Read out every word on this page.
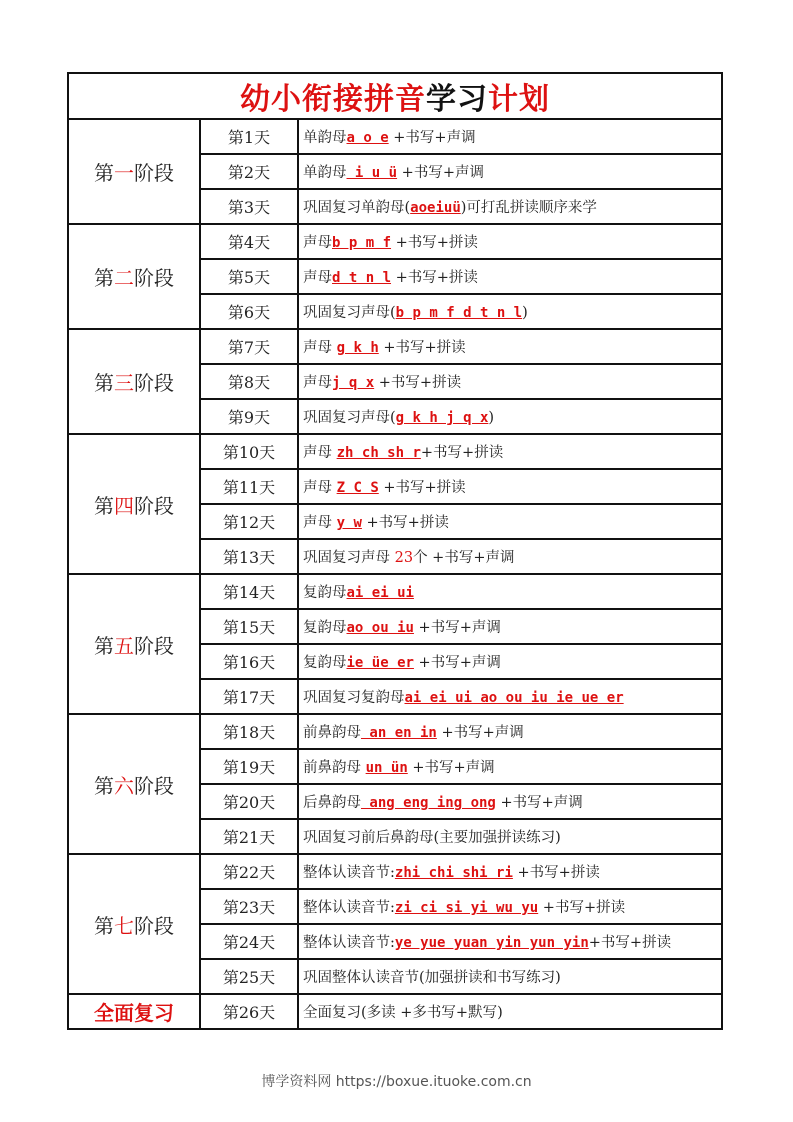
幼小衔接拼音学习计划		
第一阶段	第1天	单韵母a o e +书写+声调
	第2天	单韵母 i u ü +书写+声调
	第3天	巩固复习单韵母(aoeiuü)可打乱拼读顺序来学
第二阶段	第4天	声母b p m f +书写+拼读
	第5天	声母d t n l +书写+拼读
	第6天	巩固复习声母(b p m f d t n l)
第三阶段	第7天	声母 g k h +书写+拼读
	第8天	声母j q x +书写+拼读
	第9天	巩固复习声母(g k h j q x)
第四阶段	第10天	声母 zh ch sh r+书写+拼读
	第11天	声母 Z C S +书写+拼读
	第12天	声母 y w +书写+拼读
	第13天	巩固复习声母 23个 +书写+声调
第五阶段	第14天	复韵母ai ei ui
	第15天	复韵母ao ou iu +书写+声调
	第16天	复韵母ie üe er +书写+声调
	第17天	巩固复习复韵母ai ei ui ao ou iu ie ue er
第六阶段	第18天	前鼻韵母 an en in +书写+声调
	第19天	前鼻韵母 un ün +书写+声调
	第20天	后鼻韵母 ang eng ing ong +书写+声调
	第21天	巩固复习前后鼻韵母(主要加强拼读练习)
第七阶段	第22天	整体认读音节:zhi chi shi ri +书写+拼读
	第23天	整体认读音节:zi ci si yi wu yu +书写+拼读
	第24天	整体认读音节:ye yue yuan yin yun yin+书写+拼读
	第25天	巩固整体认读音节(加强拼读和书写练习)
全面复习	第26天	全面复习(多读 +多书写+默写)
博学资料网 https://boxue.ituoke.com.cn
